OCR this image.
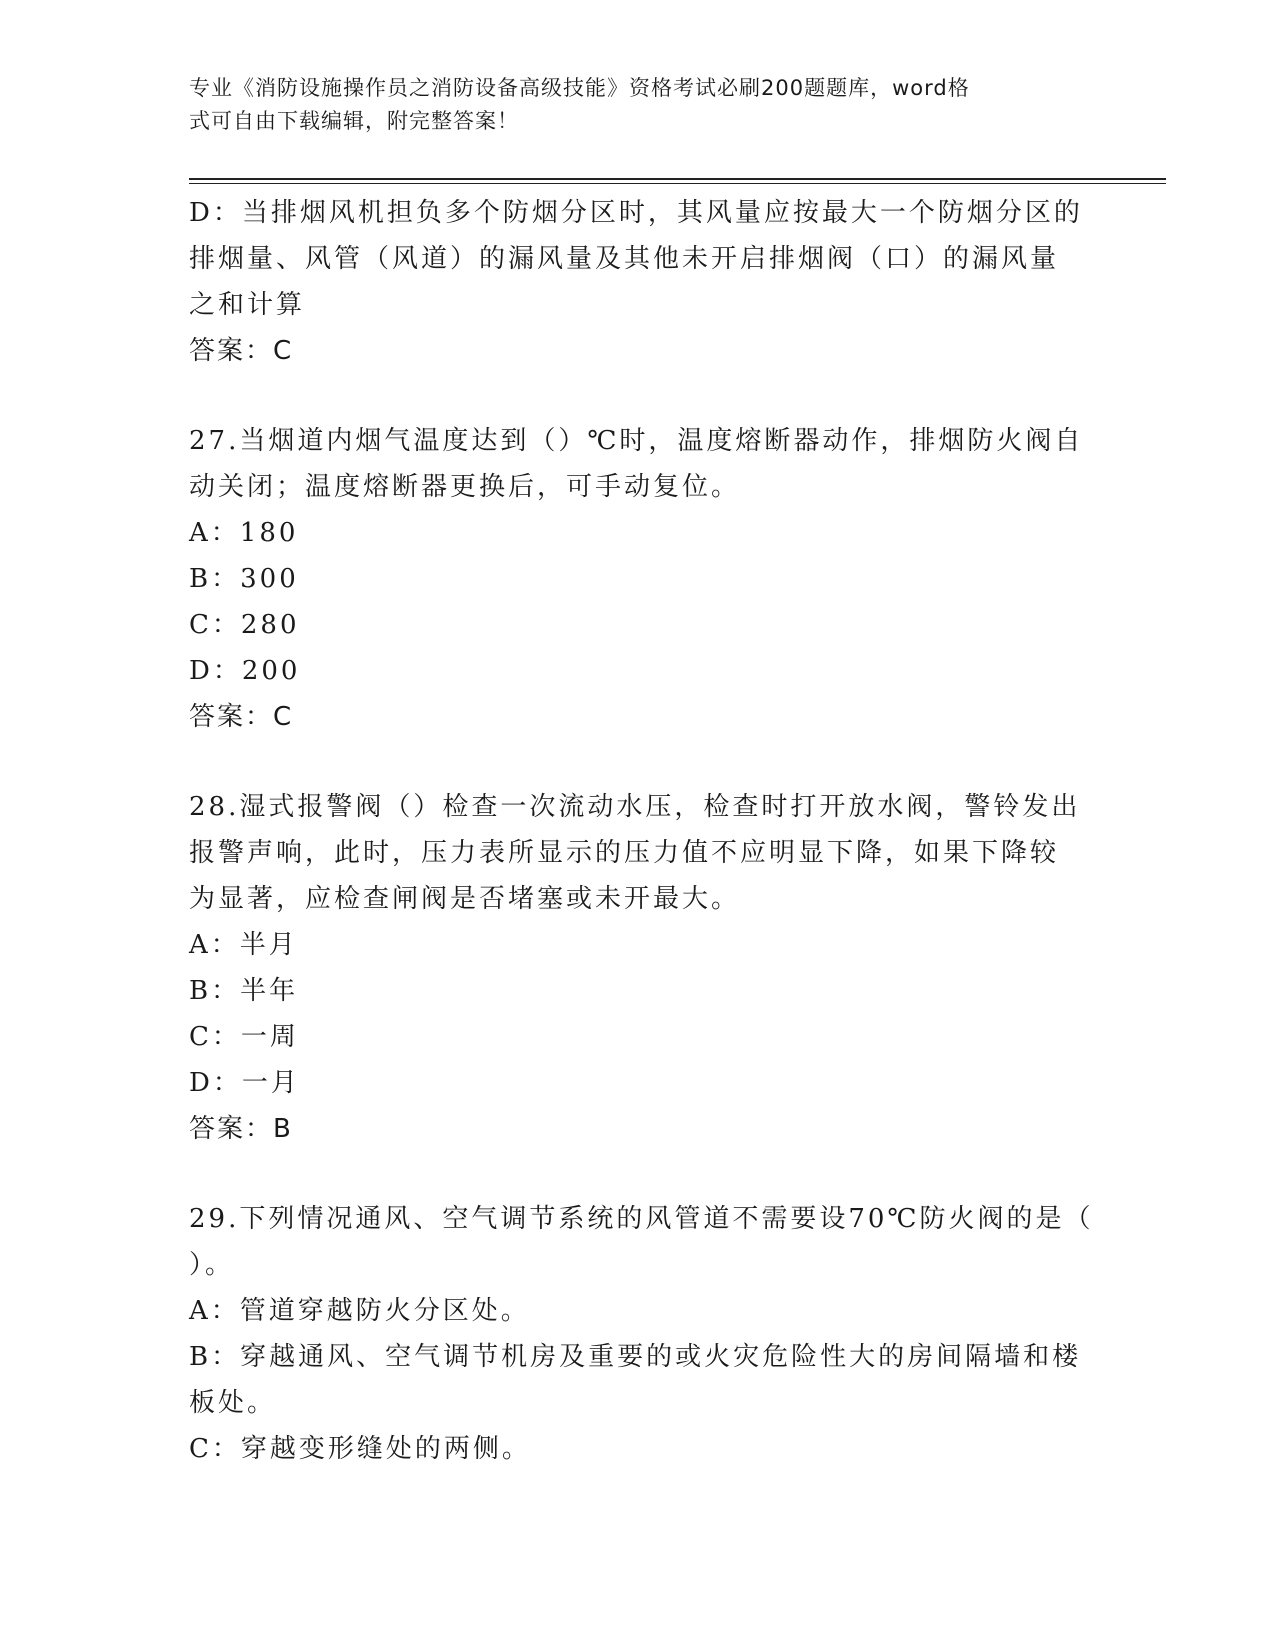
专业《消防设施操作员之消防设备高级技能》资格考试必刷200题题库，word格

式可自由下载编辑，附完整答案！

D：当排烟风机担负多个防烟分区时，其风量应按最大一个防烟分区的

排烟量、风管（风道）的漏风量及其他未开启排烟阀（口）的漏风量

之和计算

答案：C

27.当烟道内烟气温度达到（）℃时，温度熔断器动作，排烟防火阀自

动关闭；温度熔断器更换后，可手动复位。

A：180

B：300

C：280

D：200

答案：C

28.湿式报警阀（）检查一次流动水压，检查时打开放水阀，警铃发出

报警声响，此时，压力表所显示的压力值不应明显下降，如果下降较

为显著，应检查闸阀是否堵塞或未开最大。

A：半月

B：半年

C：一周

D：一月

答案：B

29.下列情况通风、空气调节系统的风管道不需要设70℃防火阀的是（

）。

A：管道穿越防火分区处。

B：穿越通风、空气调节机房及重要的或火灾危险性大的房间隔墙和楼

板处。

C：穿越变形缝处的两侧。
